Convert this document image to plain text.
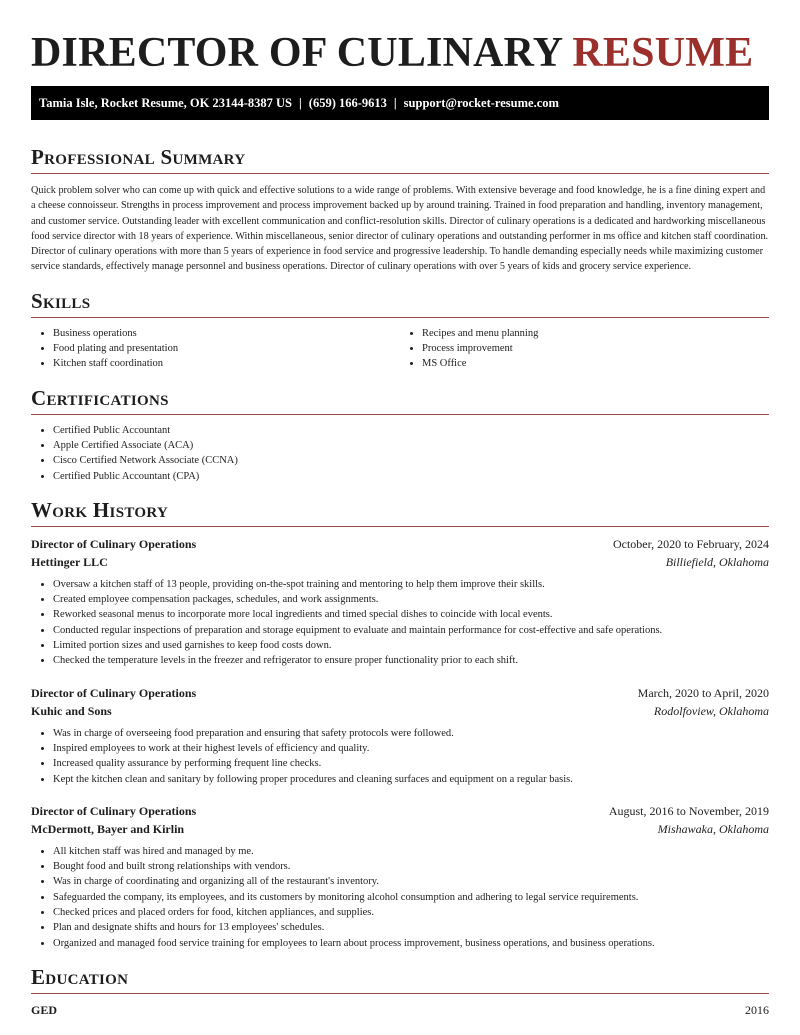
DIRECTOR OF CULINARY RESUME
Tamia Isle, Rocket Resume, OK 23144-8387 US | (659) 166-9613 | support@rocket-resume.com
Professional Summary

Quick problem solver who can come up with quick and effective solutions to a wide range of problems. With extensive beverage and food knowledge, he is a fine dining expert and a cheese connoisseur. Strengths in process improvement and process improvement backed up by around training. Trained in food preparation and handling, inventory management, and customer service. Outstanding leader with excellent communication and conflict-resolution skills. Director of culinary operations is a dedicated and hardworking miscellaneous food service director with 18 years of experience. Within miscellaneous, senior director of culinary operations and outstanding performer in ms office and kitchen staff coordination. Director of culinary operations with more than 5 years of experience in food service and progressive leadership. To handle demanding especially needs while maximizing customer service standards, effectively manage personnel and business operations. Director of culinary operations with over 5 years of kids and grocery service experience.

Skills
• Business operations
• Food plating and presentation
• Kitchen staff coordination
• Recipes and menu planning
• Process improvement
• MS Office
Certifications
• Certified Public Accountant
• Apple Certified Associate (ACA)
• Cisco Certified Network Associate (CCNA)
• Certified Public Accountant (CPA)
Work History
Director of Culinary Operations	October, 2020 to February, 2024
Hettinger LLC	Billiefield, Oklahoma
• Oversaw a kitchen staff of 13 people, providing on-the-spot training and mentoring to help them improve their skills.
• Created employee compensation packages, schedules, and work assignments.
• Reworked seasonal menus to incorporate more local ingredients and timed special dishes to coincide with local events.
• Conducted regular inspections of preparation and storage equipment to evaluate and maintain performance for cost-effective and safe operations.
• Limited portion sizes and used garnishes to keep food costs down.
• Checked the temperature levels in the freezer and refrigerator to ensure proper functionality prior to each shift.
Director of Culinary Operations	March, 2020 to April, 2020
Kuhic and Sons	Rodolfoview, Oklahoma
• Was in charge of overseeing food preparation and ensuring that safety protocols were followed.
• Inspired employees to work at their highest levels of efficiency and quality.
• Increased quality assurance by performing frequent line checks.
• Kept the kitchen clean and sanitary by following proper procedures and cleaning surfaces and equipment on a regular basis.
Director of Culinary Operations	August, 2016 to November, 2019
McDermott, Bayer and Kirlin	Mishawaka, Oklahoma
• All kitchen staff was hired and managed by me.
• Bought food and built strong relationships with vendors.
• Was in charge of coordinating and organizing all of the restaurant's inventory.
• Safeguarded the company, its employees, and its customers by monitoring alcohol consumption and adhering to legal service requirements.
• Checked prices and placed orders for food, kitchen appliances, and supplies.
• Plan and designate shifts and hours for 13 employees' schedules.
• Organized and managed food service training for employees to learn about process improvement, business operations, and business operations.
Education
GED	2016
